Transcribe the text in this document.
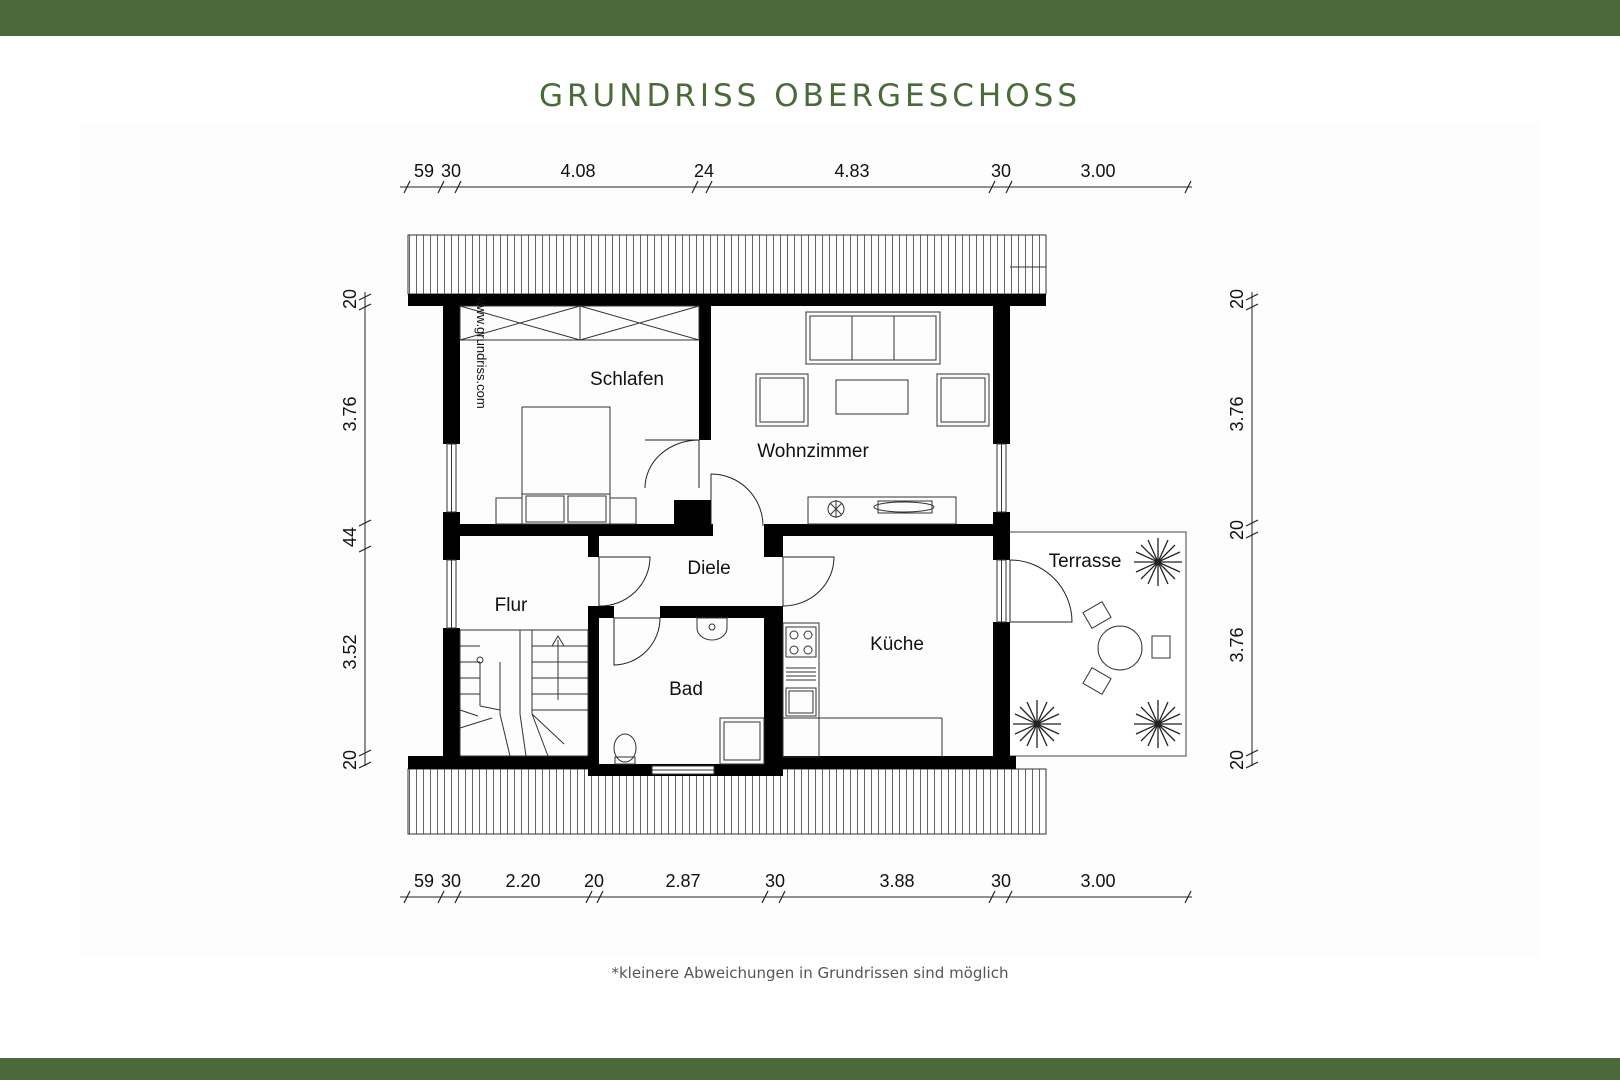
GRUNDRISS OBERGESCHOSS
59 30	4.08	24	4.83	30	3.00
59 30 2.20 20	2.87	30	3.88	30	3.00
20
3.76
44
3.52
20
20
3.76
20
3.76
20
www.grundriss.com	Schlafen
Wohnzimmer
Diele
Flur
Bad
Küche
Terrasse
*kleinere Abweichungen in Grundrissen sind möglich
